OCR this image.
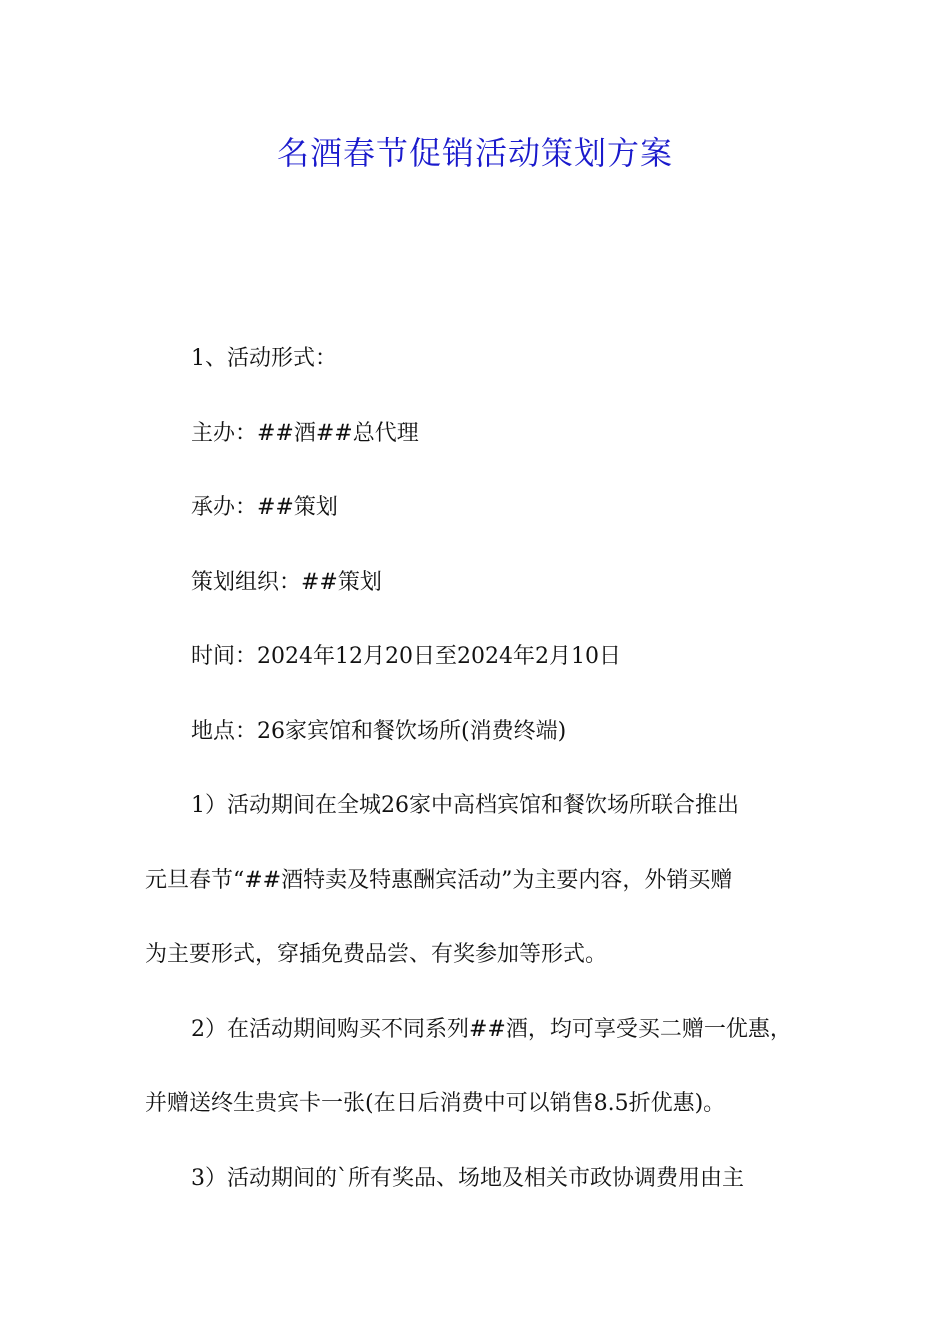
名酒春节促销活动策划方案
1、活动形式：
主办：##酒##总代理
承办：##策划
策划组织：##策划
时间：2024年12月20日至2024年2月10日
地点：26家宾馆和餐饮场所(消费终端)
1）活动期间在全城26家中高档宾馆和餐饮场所联合推出
元旦春节“##酒特卖及特惠酬宾活动”为主要内容，外销买赠
为主要形式，穿插免费品尝、有奖参加等形式。
2）在活动期间购买不同系列##酒，均可享受买二赠一优惠，
并赠送终生贵宾卡一张(在日后消费中可以销售8.5折优惠)。
3）活动期间的`所有奖品、场地及相关市政协调费用由主
